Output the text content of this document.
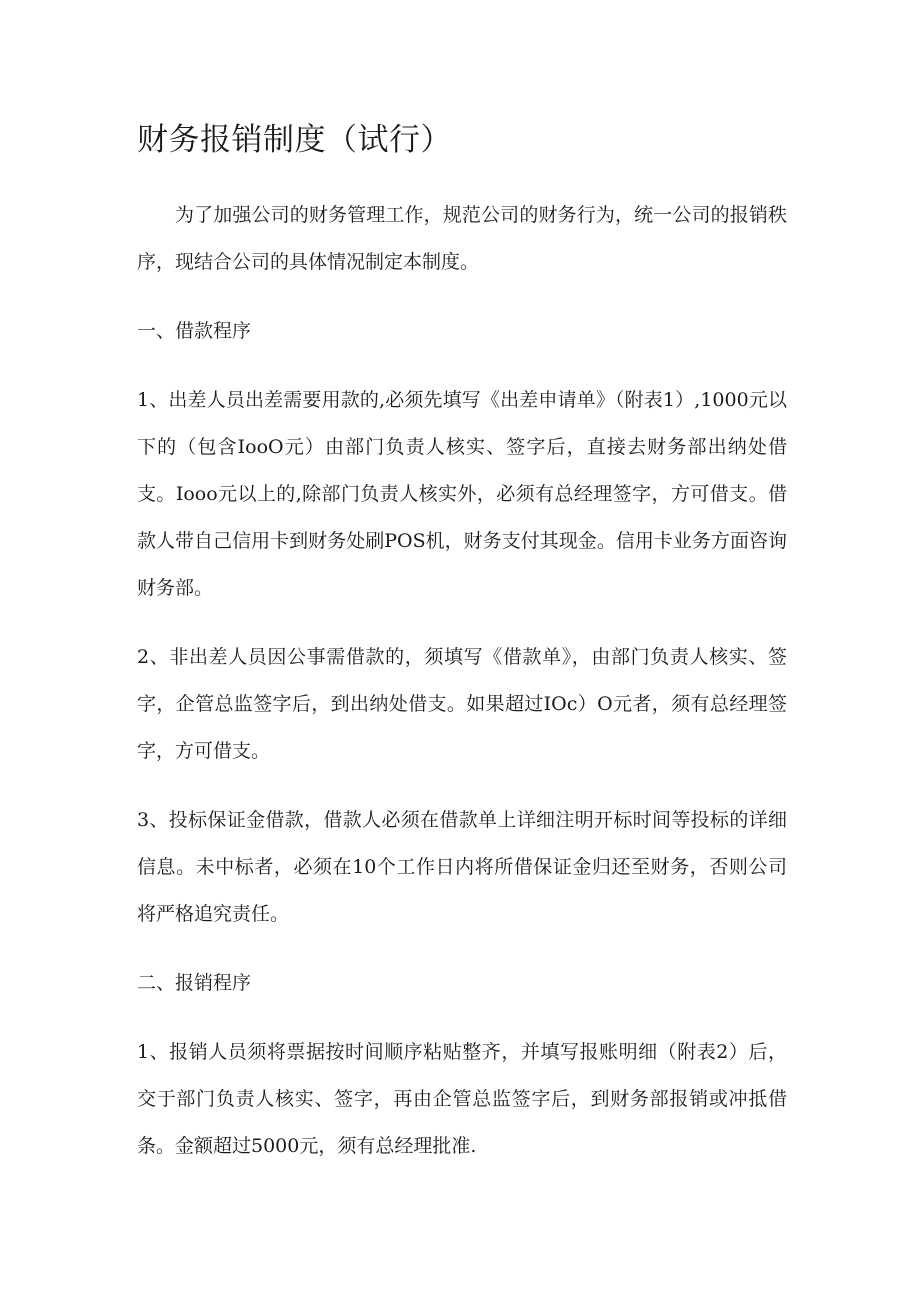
财务报销制度（试行）

为了加强公司的财务管理工作，规范公司的财务行为，统一公司的报销秩序，现结合公司的具体情况制定本制度。

一、借款程序

1、出差人员出差需要用款的,必须先填写《出差申请单》（附表1）,1000元以下的（包含IooO元）由部门负责人核实、签字后，直接去财务部出纳处借支。Iooo元以上的,除部门负责人核实外，必须有总经理签字，方可借支。借款人带自己信用卡到财务处刷POS机，财务支付其现金。信用卡业务方面咨询财务部。

2、非出差人员因公事需借款的，须填写《借款单》，由部门负责人核实、签字，企管总监签字后，到出纳处借支。如果超过IOc）O元者，须有总经理签字，方可借支。

3、投标保证金借款，借款人必须在借款单上详细注明开标时间等投标的详细信息。未中标者，必须在10个工作日内将所借保证金归还至财务，否则公司将严格追究责任。

二、报销程序

1、报销人员须将票据按时间顺序粘贴整齐，并填写报账明细（附表2）后，交于部门负责人核实、签字，再由企管总监签字后，到财务部报销或冲抵借条。金额超过5000元，须有总经理批准.
